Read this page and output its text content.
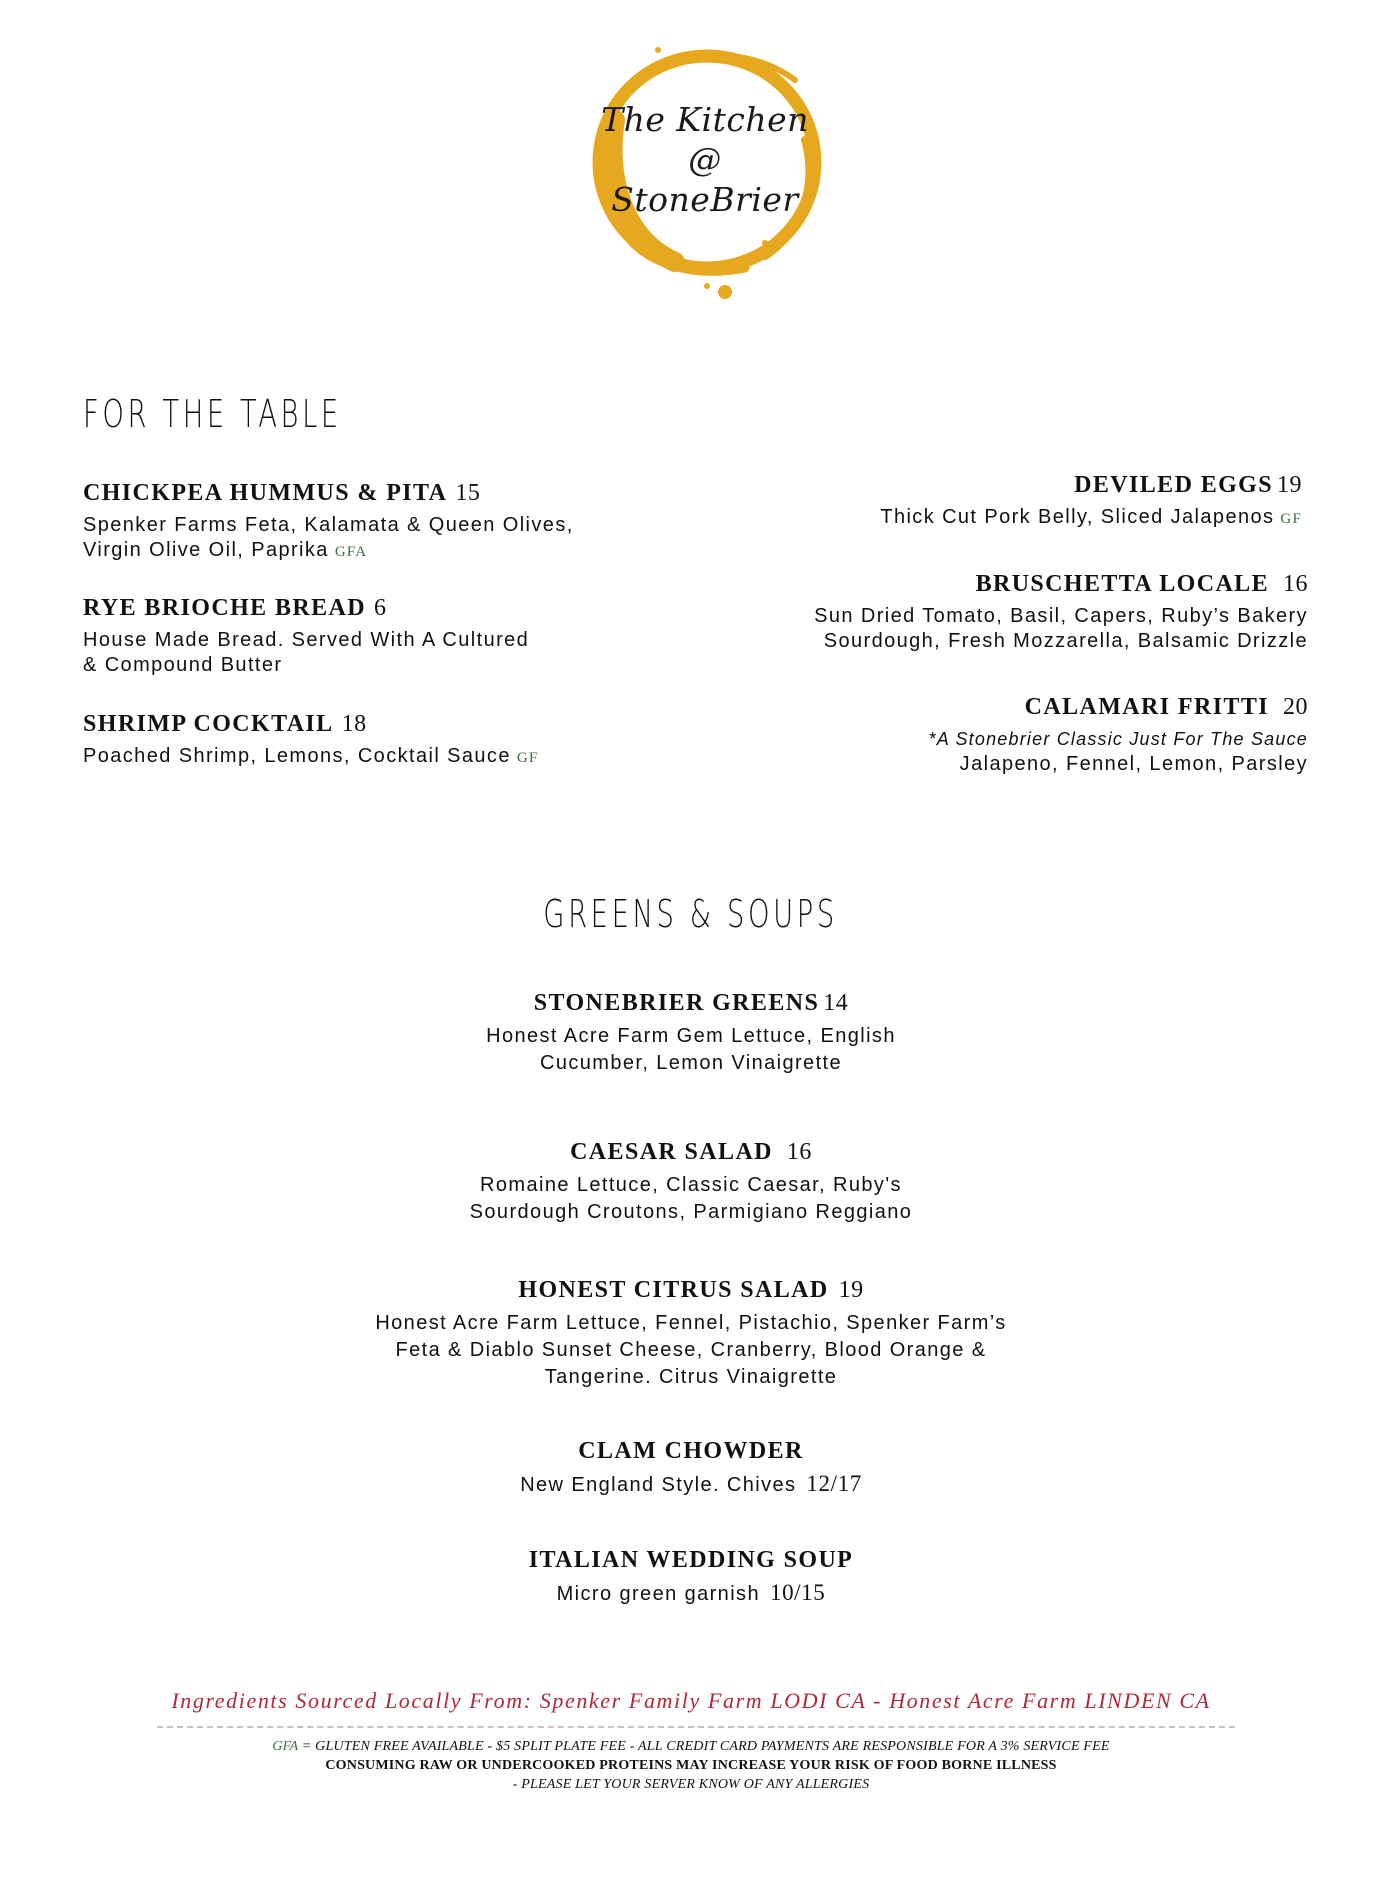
The Kitchen
@
StoneBrier
FOR THE TABLE
CHICKPEA HUMMUS & PITA 15
Spenker Farms Feta, Kalamata & Queen Olives,
Virgin Olive Oil, Paprika GFA
RYE BRIOCHE BREAD 6
House Made Bread. Served With A Cultured
& Compound Butter
SHRIMP COCKTAIL 18
Poached Shrimp, Lemons, Cocktail Sauce GF
DEVILED EGGS 19
Thick Cut Pork Belly, Sliced Jalapenos GF
BRUSCHETTA LOCALE 16
Sun Dried Tomato, Basil, Capers, Ruby’s Bakery
Sourdough, Fresh Mozzarella, Balsamic Drizzle
CALAMARI FRITTI 20
*A Stonebrier Classic Just For The Sauce
Jalapeno, Fennel, Lemon, Parsley
GREENS & SOUPS
STONEBRIER GREENS 14
Honest Acre Farm Gem Lettuce, English
Cucumber, Lemon Vinaigrette
CAESAR SALAD 16
Romaine Lettuce, Classic Caesar, Ruby's
Sourdough Croutons, Parmigiano Reggiano
HONEST CITRUS SALAD 19
Honest Acre Farm Lettuce, Fennel, Pistachio, Spenker Farm’s
Feta & Diablo Sunset Cheese, Cranberry, Blood Orange &
Tangerine. Citrus Vinaigrette
CLAM CHOWDER
New England Style. Chives 12/17
ITALIAN WEDDING SOUP
Micro green garnish 10/15
Ingredients Sourced Locally From: Spenker Family Farm LODI CA - Honest Acre Farm LINDEN CA
GFA = GLUTEN FREE AVAILABLE - $5 SPLIT PLATE FEE - ALL CREDIT CARD PAYMENTS ARE RESPONSIBLE FOR A 3% SERVICE FEE
CONSUMING RAW OR UNDERCOOKED PROTEINS MAY INCREASE YOUR RISK OF FOOD BORNE ILLNESS
- PLEASE LET YOUR SERVER KNOW OF ANY ALLERGIES
